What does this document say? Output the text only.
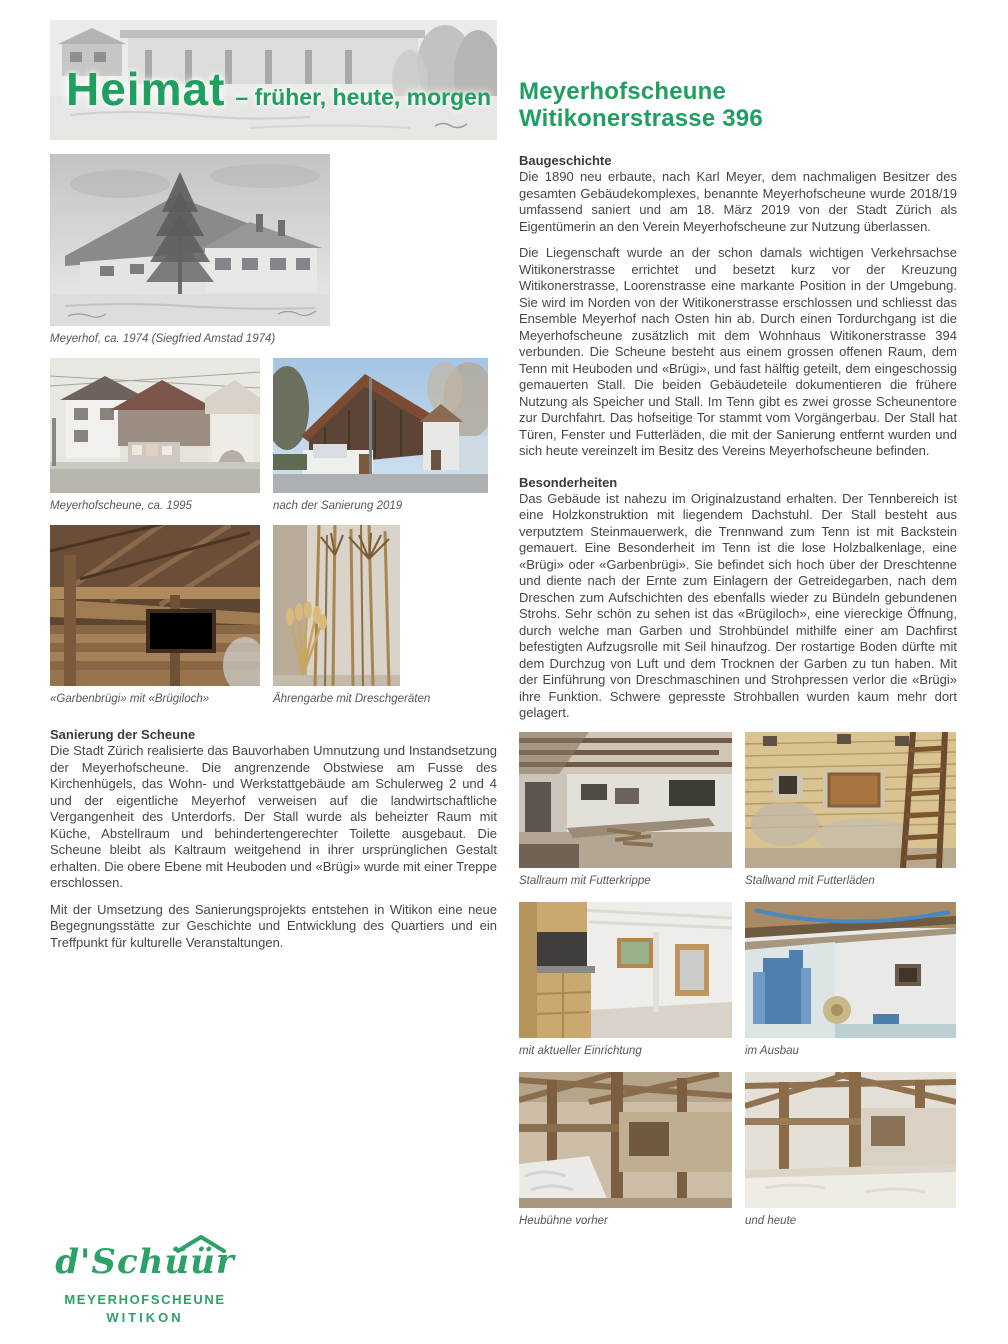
Heimat – früher, heute, morgen
Meyerhof, ca. 1974 (Siegfried Amstad 1974)
Meyerhofscheune, ca. 1995	nach der Sanierung 2019
«Garbenbrügi» mit «Brügiloch»	Ährengarbe mit Dreschgeräten
Sanierung der Scheune

Die Stadt Zürich realisierte das Bauvorhaben Umnutzung und Instandsetzung der Meyerhofscheune. Die angrenzende Obstwiese am Fusse des Kirchenhügels, das Wohn- und Werkstattgebäude am Schulerweg 2 und 4 und der eigentliche Meyerhof verweisen auf die landwirtschaftliche Vergangenheit des Unterdorfs. Der Stall wurde als beheizter Raum mit Küche, Abstellraum und behindertengerechter Toilette ausgebaut. Die Scheune bleibt als Kaltraum weitgehend in ihrer ursprünglichen Gestalt erhalten. Die obere Ebene mit Heuboden und «Brügi» wurde mit einer Treppe erschlossen.

Mit der Umsetzung des Sanierungsprojekts entstehen in Witikon eine neue Begegnungsstätte zur Geschichte und Entwicklung des Quartiers und ein Treffpunkt für kulturelle Veranstaltungen.

Meyerhofscheune
Witikonerstrasse 396
Baugeschichte

Die 1890 neu erbaute, nach Karl Meyer, dem nachmaligen Besitzer des gesamten Gebäudekomplexes, benannte Meyerhofscheune wurde 2018/19 umfassend saniert und am 18. März 2019 von der Stadt Zürich als Eigentümerin an den Verein Meyerhofscheune zur Nutzung überlassen.

Die Liegenschaft wurde an der schon damals wichtigen Verkehrsachse Witikonerstrasse errichtet und besetzt kurz vor der Kreuzung Witikonerstrasse, Loorenstrasse eine markante Position in der Umgebung. Sie wird im Norden von der Witikonerstrasse erschlossen und schliesst das Ensemble Meyerhof nach Osten hin ab. Durch einen Tordurchgang ist die Meyerhofscheune zusätzlich mit dem Wohnhaus Witikonerstrasse 394 verbunden. Die Scheune besteht aus einem grossen offenen Raum, dem Tenn mit Heuboden und «Brügi», und fast hälftig geteilt, dem eingeschossig gemauerten Stall. Die beiden Gebäudeteile dokumentieren die frühere Nutzung als Speicher und Stall. Im Tenn gibt es zwei grosse Scheunentore zur Durchfahrt. Das hofseitige Tor stammt vom Vorgängerbau. Der Stall hat Türen, Fenster und Futterläden, die mit der Sanierung entfernt wurden und sich heute vereinzelt im Besitz des Vereins Meyerhofscheune befinden.

Besonderheiten

Das Gebäude ist nahezu im Originalzustand erhalten. Der Tennbereich ist eine Holzkonstruktion mit liegendem Dachstuhl. Der Stall besteht aus verputztem Steinmauerwerk, die Trennwand zum Tenn ist mit Backstein gemauert. Eine Besonderheit im Tenn ist die lose Holzbalkenlage, eine «Brügi» oder «Garbenbrügi». Sie befindet sich hoch über der Dreschtenne und diente nach der Ernte zum Einlagern der Getreidegarben, nach dem Dreschen zum Aufschichten des ebenfalls wieder zu Bündeln gebundenen Strohs. Sehr schön zu sehen ist das «Brügiloch», eine viereckige Öffnung, durch welche man Garben und Strohbündel mithilfe einer am Dachfirst befestigten Aufzugsrolle mit Seil hinaufzog. Der rostartige Boden dürfte mit dem Durchzug von Luft und dem Trocknen der Garben zu tun haben. Mit der Einführung von Dreschmaschinen und Strohpressen verlor die «Brügi» ihre Funktion. Schwere gepresste Strohballen wurden kaum mehr dort gelagert.

Stallraum mit Futterkrippe	Stallwand mit Futterläden
mit aktueller Einrichtung	im Ausbau
Heubühne vorher	und heute
d'Schüür
MEYERHOFSCHEUNE
WITIKON
